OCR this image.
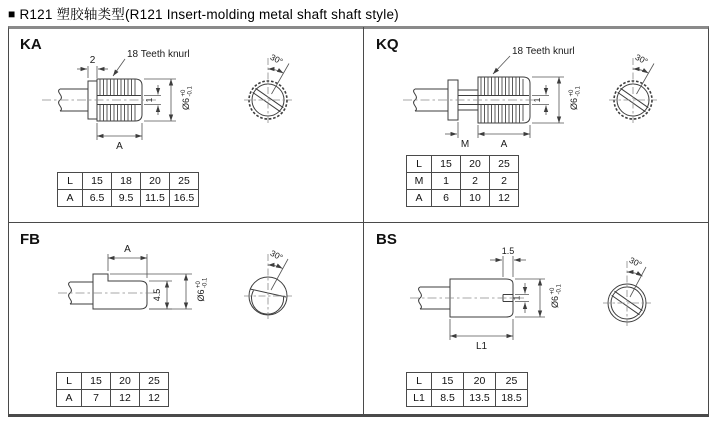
■ R121 塑胶轴类型(R121 Insert-molding metal shaft shaft style)
KA	KQ
FB	BS
2
18 Teeth knurl
A
1	Ø6
+0 -0.1
30°
18 Teeth knurl
M	A
1	Ø6
+0 -0.1
30°
A
4.5	Ø6
+0 -0.1
30°	1.5
1	Ø6
+0 -0.1
L1
30°
L	15	18	20	25
A	6.5	9.5	11.5	16.5
L	15	20	25
M	1	2	2
A	6	10	12
L	15	20	25
A	7	12	12
L	15	20	25
L1	8.5	13.5	18.5
